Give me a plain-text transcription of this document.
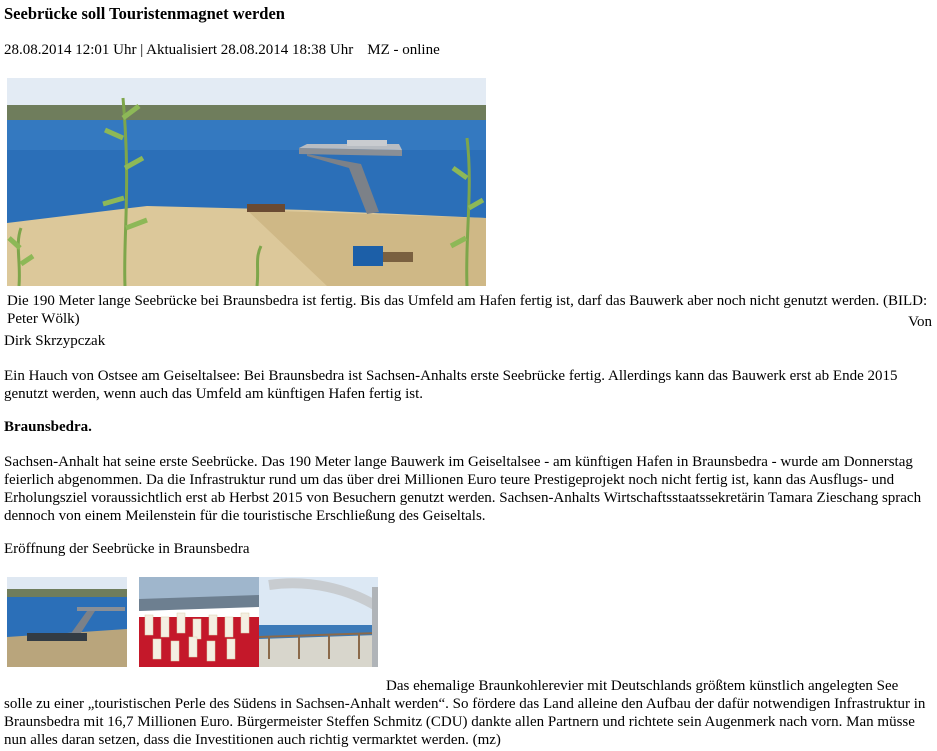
Seebrücke soll Touristenmagnet werden
28.08.2014 12:01 Uhr | Aktualisiert 28.08.2014 18:38 Uhr MZ - online
Die 190 Meter lange Seebrücke bei Braunsbedra ist fertig. Bis das Umfeld am Hafen fertig ist, darf das Bauwerk aber noch nicht genutzt werden. (BILD: Peter Wölk)	Von
Dirk Skrzypczak
Ein Hauch von Ostsee am Geiseltalsee: Bei Braunsbedra ist Sachsen-Anhalts erste Seebrücke fertig. Allerdings kann das Bauwerk erst ab Ende 2015 genutzt werden, wenn auch das Umfeld am künftigen Hafen fertig ist.
Braunsbedra.
Sachsen-Anhalt hat seine erste Seebrücke. Das 190 Meter lange Bauwerk im Geiseltalsee - am künftigen Hafen in Braunsbedra - wurde am Donnerstag feierlich abgenommen. Da die Infrastruktur rund um das über drei Millionen Euro teure Prestigeprojekt noch nicht fertig ist, kann das Ausflugs- und Erholungsziel voraussichtlich erst ab Herbst 2015 von Besuchern genutzt werden. Sachsen-Anhalts Wirtschaftsstaatssekretärin Tamara Zieschang sprach dennoch von einem Meilenstein für die touristische Erschließung des Geiseltals.
Eröffnung der Seebrücke in Braunsbedra
Das ehemalige Braunkohlerevier mit Deutschlands größtem künstlich angelegten See
solle zu einer „touristischen Perle des Südens in Sachsen-Anhalt werden“. So fördere das Land alleine den Aufbau der dafür notwendigen Infrastruktur in Braunsbedra mit 16,7 Millionen Euro. Bürgermeister Steffen Schmitz (CDU) dankte allen Partnern und richtete sein Augenmerk nach vorn. Man müsse nun alles daran setzen, dass die Investitionen auch richtig vermarktet werden. (mz)
